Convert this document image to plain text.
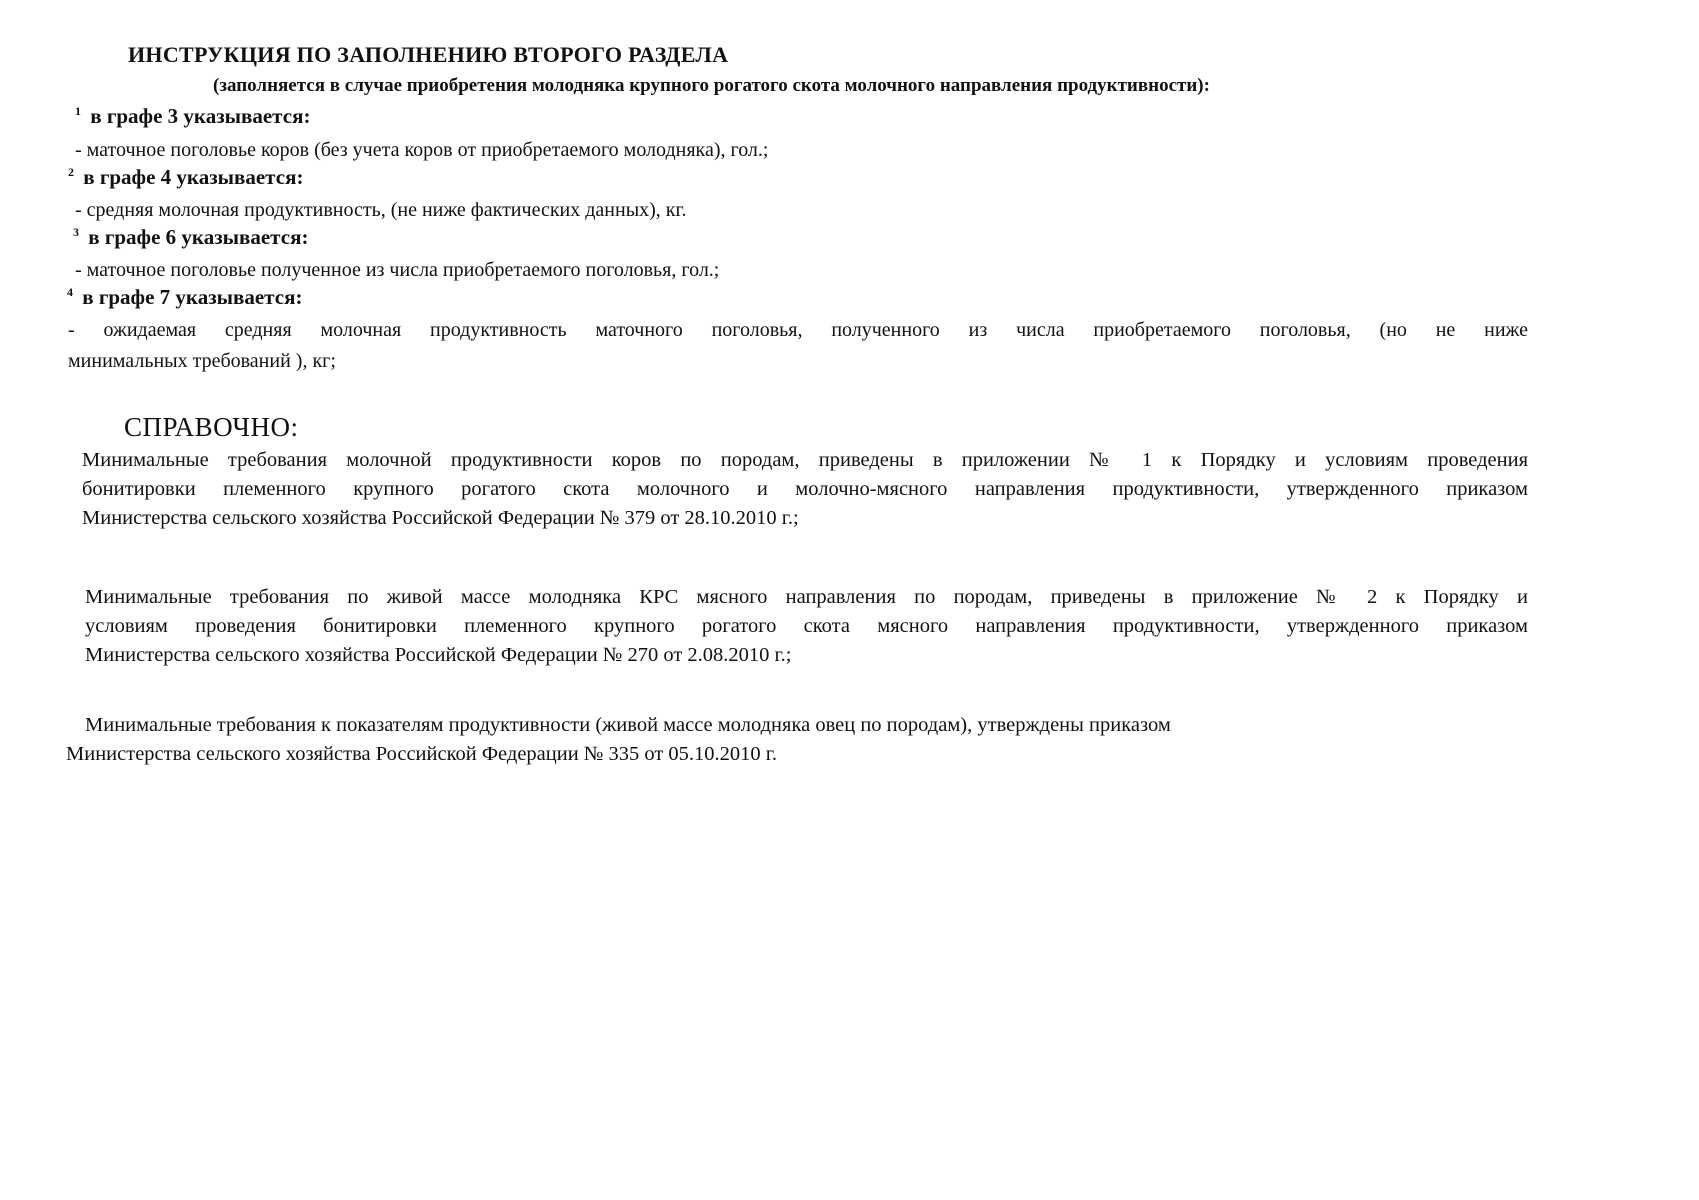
ИНСТРУКЦИЯ ПО ЗАПОЛНЕНИЮ ВТОРОГО РАЗДЕЛА
(заполняется в случае приобретения молодняка крупного рогатого скота молочного направления продуктивности):
$^1$ в графе 3 указывается:
- маточное поголовье коров (без учета коров от приобретаемого молодняка), гол.;
$^2$ в графе 4 указывается:
- средняя молочная продуктивность, (не ниже фактических данных), кг.
$^3$ в графе 6 указывается:
- маточное поголовье полученное из числа приобретаемого поголовья, гол.;
$^4$ в графе 7 указывается:
- ожидаемая средняя молочная продуктивность маточного поголовья, полученного из числа приобретаемого поголовья, (но не ниже
минимальных требований ), кг;
СПРАВОЧНО:
Минимальные требования молочной продуктивности коров по породам, приведены в приложении № 1 к Порядку и условиям проведения
бонитировки племенного крупного рогатого скота молочного и молочно-мясного направления продуктивности, утвержденного приказом
Министерства сельского хозяйства Российской Федерации № 379 от 28.10.2010 г.;
Минимальные требования по живой массе молодняка КРС мясного направления по породам, приведены в приложение № 2 к Порядку и
условиям проведения бонитировки племенного крупного рогатого скота мясного направления продуктивности, утвержденного приказом
Министерства сельского хозяйства Российской Федерации № 270 от 2.08.2010 г.;
Минимальные требования к показателям продуктивности (живой массе молодняка овец по породам), утверждены приказом
Министерства сельского хозяйства Российской Федерации № 335 от 05.10.2010 г.
